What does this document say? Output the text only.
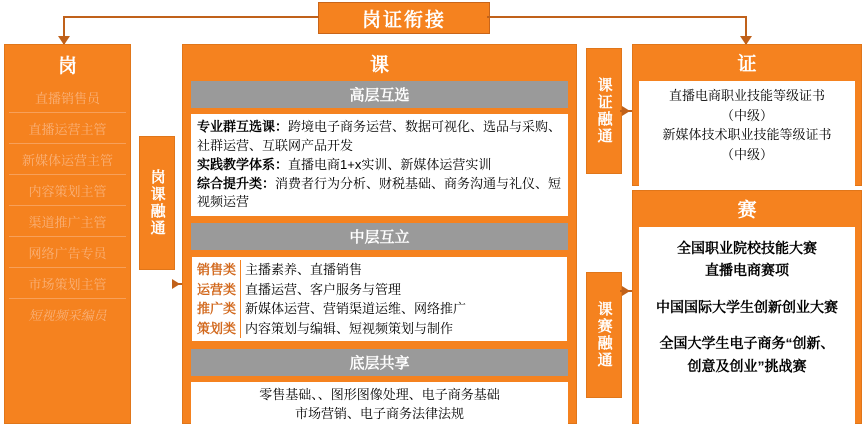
岗证衔接
岗
直播销售员
直播运营主管
新媒体运营主管
内容策划主管
渠道推广主管
网络广告专员
市场策划主管
短视频采编员
岗课融通
课
高层互选
专业群互选课：跨境电子商务运营、数据可视化、选品与采购、社群运营、互联网产品开发
实践教学体系：直播电商1+x实训、新媒体运营实训
综合提升类：消费者行为分析、财税基础、商务沟通与礼仪、短视频运营
中层互立
销售类 主播素养、直播销售
运营类 直播运营、客户服务与管理
推广类 新媒体运营、营销渠道运维、网络推广
策划类 内容策划与编辑、短视频策划与制作
底层共享
零售基础、、图形图像处理、电子商务基础
市场营销、电子商务法律法规
课证融通
课赛融通
证
直播电商职业技能等级证书
（中级）
新媒体技术职业技能等级证书
（中级）
赛
全国职业院校技能大赛
直播电商赛项
中国国际大学生创新创业大赛
全国大学生电子商务“创新、
创意及创业”挑战赛
